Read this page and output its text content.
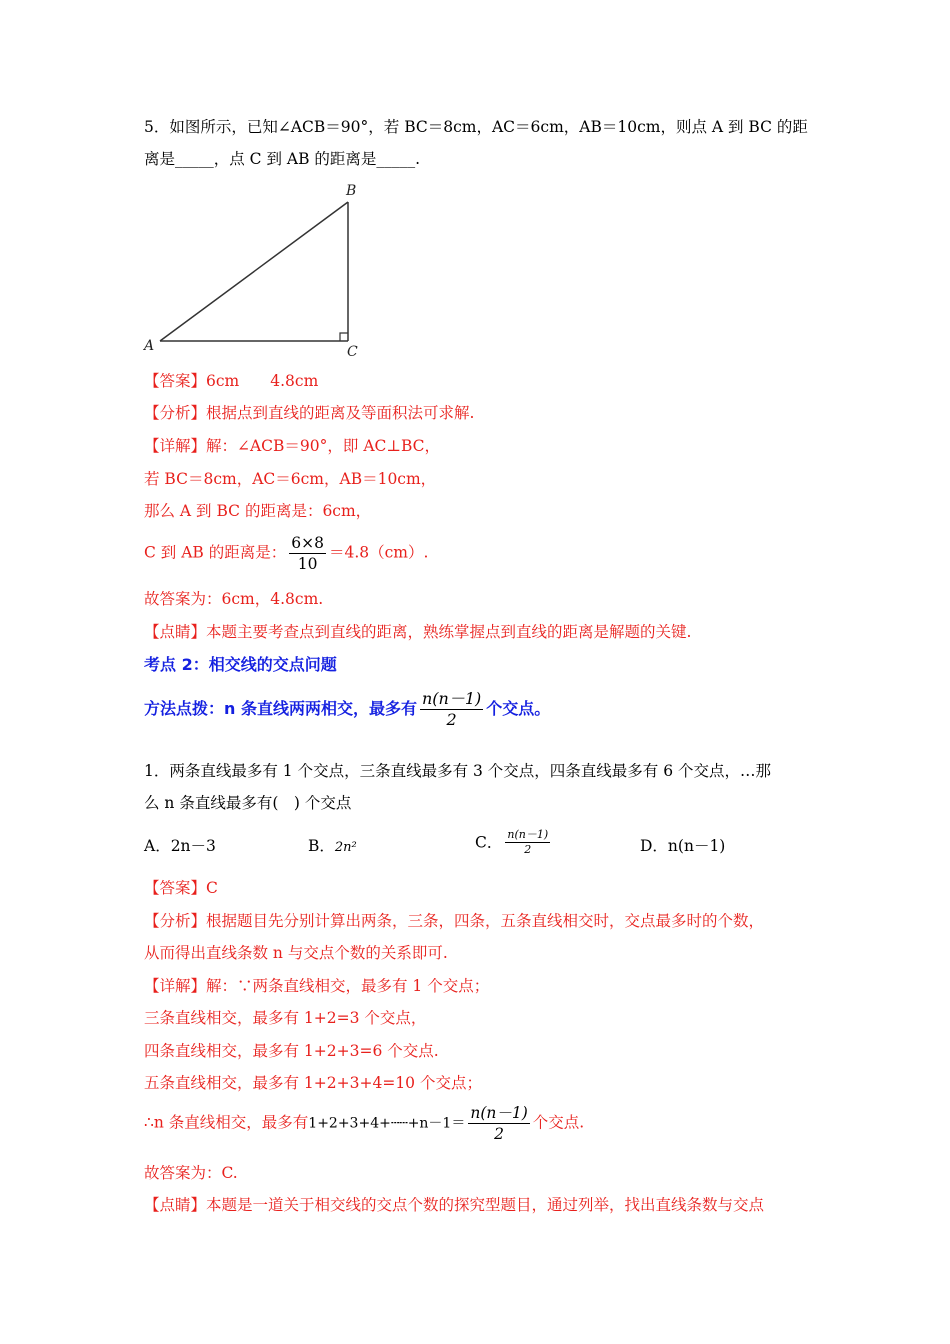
5．如图所示，已知∠ACB＝90°，若 BC＝8cm，AC＝6cm，AB＝10cm，则点 A 到 BC 的距
离是_____，点 C 到 AB 的距离是_____.
B
A	C
【答案】6cm　　4.8cm
【分析】根据点到直线的距离及等面积法可求解.
【详解】解：∠ACB＝90°，即 AC⊥BC，
若 BC＝8cm，AC＝6cm，AB＝10cm，
那么 A 到 BC 的距离是：6cm，
C 到 AB 的距离是： $\frac{6\times 8}{10} =4.8(cm)$.
故答案为：6cm，4.8cm.
【点睛】本题主要考查点到直线的距离，熟练掌握点到直线的距离是解题的关键.
考点 2：相交线的交点问题
方法点拨：n 条直线两两相交，最多有 $\frac{n(n-1)}{2}$ 个交点。
1．两条直线最多有 1 个交点，三条直线最多有 3 个交点，四条直线最多有 6 个交点，…那
么 n 条直线最多有(　) 个交点
A．2n－3	B．2n²	C． $\frac{n(n-1)}{2}$	D．n(n－1)
【答案】C
【分析】根据题目先分别计算出两条，三条，四条，五条直线相交时，交点最多时的个数，
从而得出直线条数 n 与交点个数的关系即可.
【详解】解：∵两条直线相交，最多有 1 个交点；
三条直线相交，最多有 1+2=3 个交点，
四条直线相交，最多有 1+2+3=6 个交点.
五条直线相交，最多有 1+2+3+4=10 个交点；
∴n 条直线相交，最多有1+2+3+4+┄┄+n－1＝ $\frac{n(n-1)}{2}$ 个交点.
故答案为：C.
【点睛】本题是一道关于相交线的交点个数的探究型题目，通过列举，找出直线条数与交点
